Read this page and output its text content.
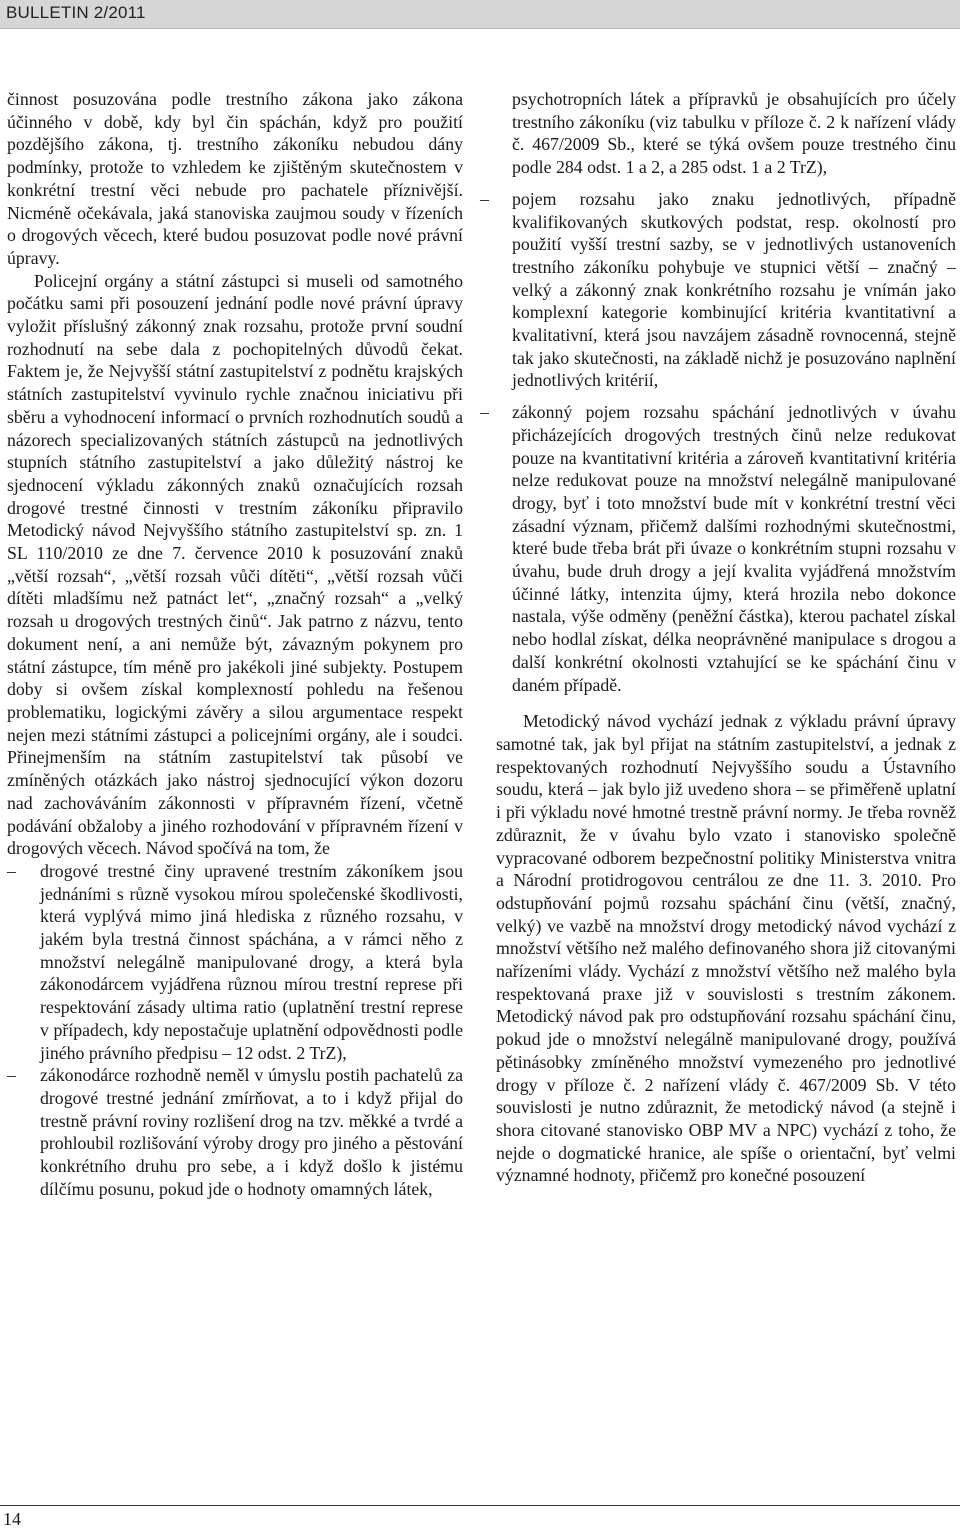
BULLETIN 2/2011

činnost posuzována podle trestního zákona jako zákona účinného v době, kdy byl čin spáchán, když pro použití pozdějšího zákona, tj. trestního zákoníku nebudou dány podmínky, protože to vzhledem ke zjištěným skutečnostem v konkrétní trestní věci nebude pro pachatele příznivější. Nicméně očekávala, jaká stanoviska zaujmou soudy v řízeních o drogových věcech, které budou posuzovat podle nové právní úpravy.

Policejní orgány a státní zástupci si museli od samotného počátku sami při posouzení jednání podle nové právní úpravy vyložit příslušný zákonný znak rozsahu, protože první soudní rozhodnutí na sebe dala z pochopitelných důvodů čekat. Faktem je, že Nejvyšší státní zastupitelství z podnětu krajských státních zastupitelství vyvinulo rychle značnou iniciativu při sběru a vyhodnocení informací o prvních rozhodnutích soudů a názorech specializovaných státních zástupců na jednotlivých stupních státního zastupitelství a jako důležitý nástroj ke sjednocení výkladu zákonných znaků označujících rozsah drogové trestné činnosti v trestním zákoníku připravilo Metodický návod Nejvyššího státního zastupitelství sp. zn. 1 SL 110/2010 ze dne 7. července 2010 k posuzování znaků „větší rozsah“, „větší rozsah vůči dítěti“, „větší rozsah vůči dítěti mladšímu než patnáct let“, „značný rozsah“ a „velký rozsah u drogových trestných činů“. Jak patrno z názvu, tento dokument není, a ani nemůže být, závazným pokynem pro státní zástupce, tím méně pro jakékoli jiné subjekty. Postupem doby si ovšem získal komplexností pohledu na řešenou problematiku, logickými závěry a silou argumentace respekt nejen mezi státními zástupci a policejními orgány, ale i soudci. Přinejmenším na státním zastupitelství tak působí ve zmíněných otázkách jako nástroj sjednocující výkon dozoru nad zachováváním zákonnosti v přípravném řízení, včetně podávání obžaloby a jiného rozhodování v přípravném řízení v drogových věcech. Návod spočívá na tom, že

– drogové trestné činy upravené trestním zákoníkem jsou jednáními s různě vysokou mírou společenské škodlivosti, která vyplývá mimo jiná hlediska z různého rozsahu, v jakém byla trestná činnost spáchána, a v rámci něho z množství nelegálně manipulované drogy, a která byla zákonodárcem vyjádřena různou mírou trestní represe při respektování zásady ultima ratio (uplatnění trestní represe v případech, kdy nepostačuje uplatnění odpovědnosti podle jiného právního předpisu – 12 odst. 2 TrZ),

– zákonodárce rozhodně neměl v úmyslu postih pachatelů za drogové trestné jednání zmírňovat, a to i když přijal do trestně právní roviny rozlišení drog na tzv. měkké a tvrdé a prohloubil rozlišování výroby drogy pro jiného a pěstování konkrétního druhu pro sebe, a i když došlo k jistému dílčímu posunu, pokud jde o hodnoty omamných látek,

psychotropních látek a přípravků je obsahujících pro účely trestního zákoníku (viz tabulku v příloze č. 2 k nařízení vlády č. 467/2009 Sb., které se týká ovšem pouze trestného činu podle 284 odst. 1 a 2, a 285 odst. 1 a 2 TrZ),

– pojem rozsahu jako znaku jednotlivých, případně kvalifikovaných skutkových podstat, resp. okolností pro použití vyšší trestní sazby, se v jednotlivých ustanoveních trestního zákoníku pohybuje ve stupnici větší – značný – velký a zákonný znak konkrétního rozsahu je vnímán jako komplexní kategorie kombinující kritéria kvantitativní a kvalitativní, která jsou navzájem zásadně rovnocenná, stejně tak jako skutečnosti, na základě nichž je posuzováno naplnění jednotlivých kritérií,

– zákonný pojem rozsahu spáchání jednotlivých v úvahu přicházejících drogových trestných činů nelze redukovat pouze na kvantitativní kritéria a zároveň kvantitativní kritéria nelze redukovat pouze na množství nelegálně manipulované drogy, byť i toto množství bude mít v konkrétní trestní věci zásadní význam, přičemž dalšími rozhodnými skutečnostmi, které bude třeba brát při úvaze o konkrétním stupni rozsahu v úvahu, bude druh drogy a její kvalita vyjádřená množstvím účinné látky, intenzita újmy, která hrozila nebo dokonce nastala, výše odměny (peněžní částka), kterou pachatel získal nebo hodlal získat, délka neoprávněné manipulace s drogou a další konkrétní okolnosti vztahující se ke spáchání činu v daném případě.

Metodický návod vychází jednak z výkladu právní úpravy samotné tak, jak byl přijat na státním zastupitelství, a jednak z respektovaných rozhodnutí Nejvyššího soudu a Ústavního soudu, která – jak bylo již uvedeno shora – se přiměřeně uplatní i při výkladu nové hmotné trestně právní normy. Je třeba rovněž zdůraznit, že v úvahu bylo vzato i stanovisko společně vypracované odborem bezpečnostní politiky Ministerstva vnitra a Národní protidrogovou centrálou ze dne 11. 3. 2010. Pro odstupňování pojmů rozsahu spáchání činu (větší, značný, velký) ve vazbě na množství drogy metodický návod vychází z množství většího než malého definovaného shora již citovanými nařízeními vlády. Vychází z množství většího než malého byla respektovaná praxe již v souvislosti s trestním zákonem. Metodický návod pak pro odstupňování rozsahu spáchání činu, pokud jde o množství nelegálně manipulované drogy, používá pětinásobky zmíněného množství vymezeného pro jednotlivé drogy v příloze č. 2 nařízení vlády č. 467/2009 Sb. V této souvislosti je nutno zdůraznit, že metodický návod (a stejně i shora citované stanovisko OBP MV a NPC) vychází z toho, že nejde o dogmatické hranice, ale spíše o orientační, byť velmi významné hodnoty, přičemž pro konečné posouzení

14
